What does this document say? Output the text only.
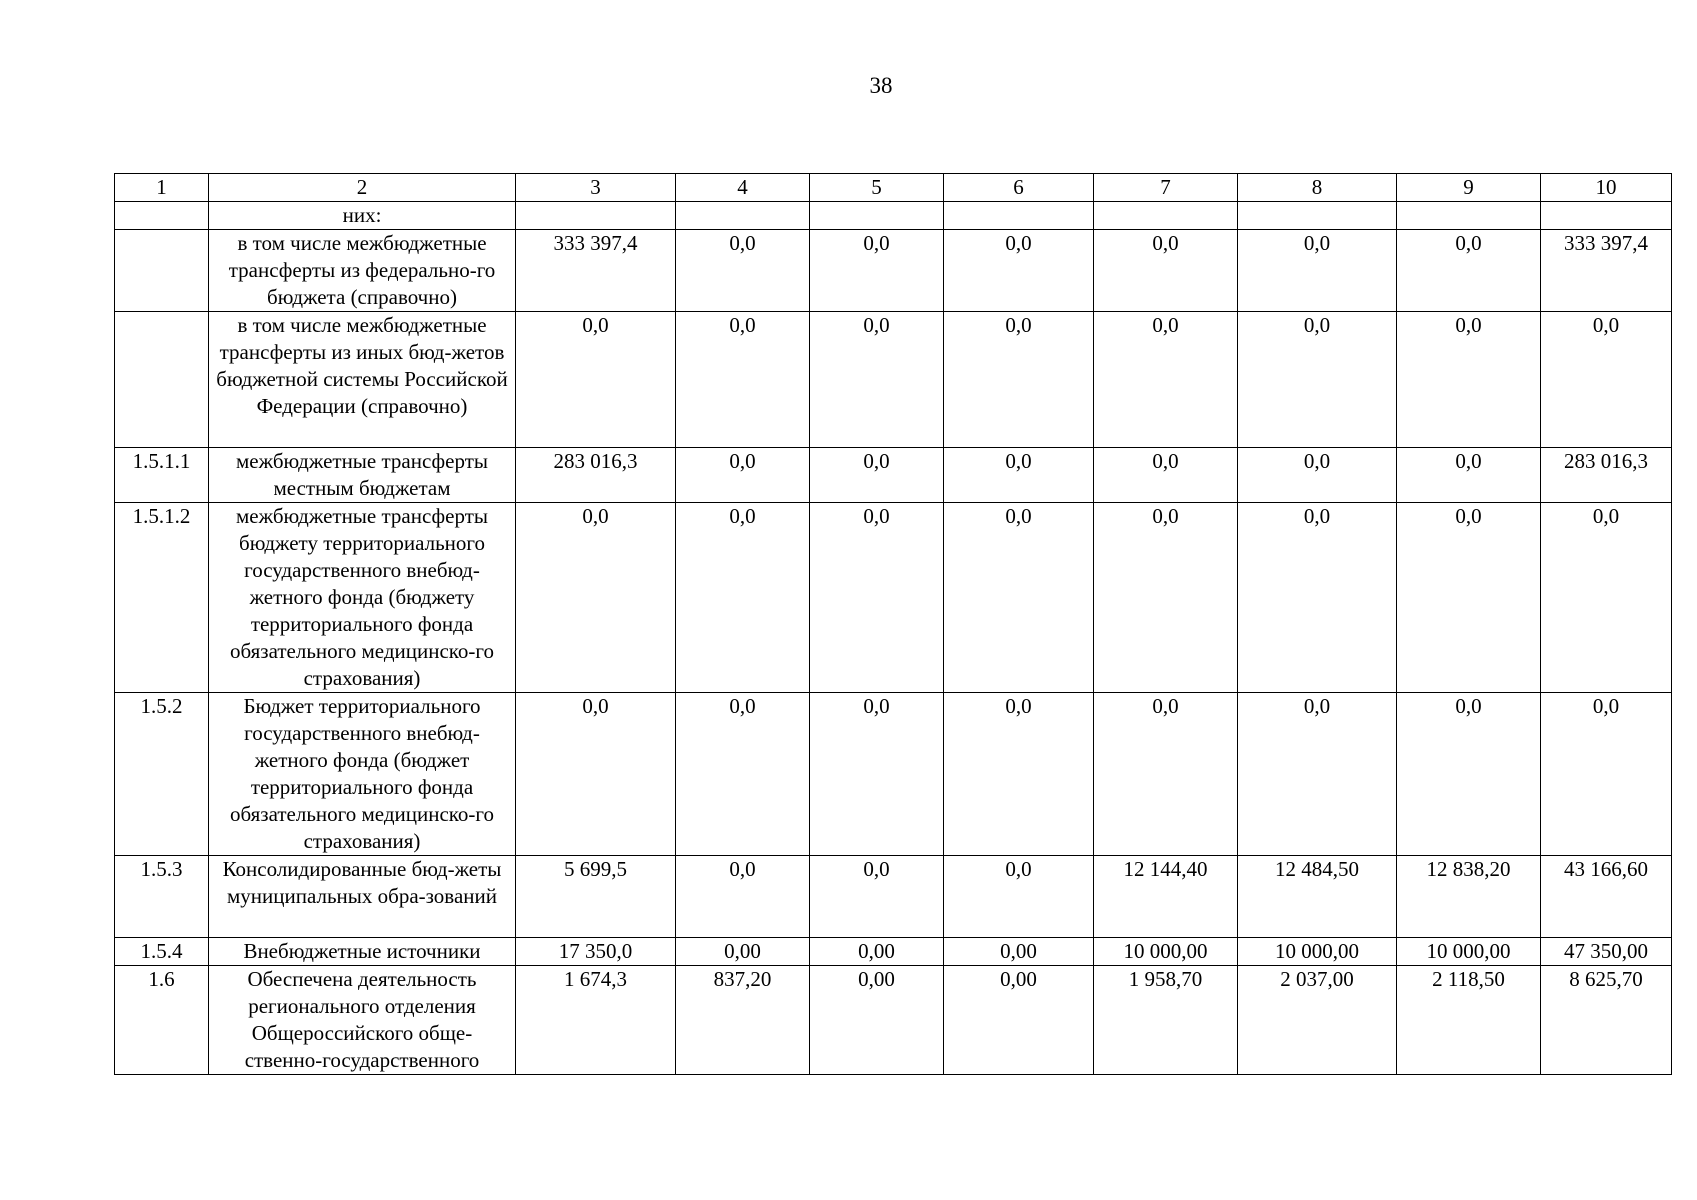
38
1	2	3	4	5	6	7	8	9	10
	них:								
	в том числе межбюджетные трансферты из федерально-го бюджета (справочно)	333 397,4	0,0	0,0	0,0	0,0	0,0	0,0	333 397,4
	в том числе межбюджетные трансферты из иных бюд-жетов бюджетной системы Российской Федерации (справочно)	0,0	0,0	0,0	0,0	0,0	0,0	0,0	0,0
1.5.1.1	межбюджетные трансферты местным бюджетам	283 016,3	0,0	0,0	0,0	0,0	0,0	0,0	283 016,3
1.5.1.2	межбюджетные трансферты бюджету территориального государственного внебюд-жетного фонда (бюджету территориального фонда обязательного медицинско-го страхования)	0,0	0,0	0,0	0,0	0,0	0,0	0,0	0,0
1.5.2	Бюджет территориального государственного внебюд-жетного фонда (бюджет территориального фонда обязательного медицинско-го страхования)	0,0	0,0	0,0	0,0	0,0	0,0	0,0	0,0
1.5.3	Консолидированные бюд-жеты муниципальных обра-зований	5 699,5	0,0	0,0	0,0	12 144,40	12 484,50	12 838,20	43 166,60
1.5.4	Внебюджетные источники	17 350,0	0,00	0,00	0,00	10 000,00	10 000,00	10 000,00	47 350,00
1.6	Обеспечена деятельность регионального отделения Общероссийского обще-ственно-государственного	1 674,3	837,20	0,00	0,00	1 958,70	2 037,00	2 118,50	8 625,70
